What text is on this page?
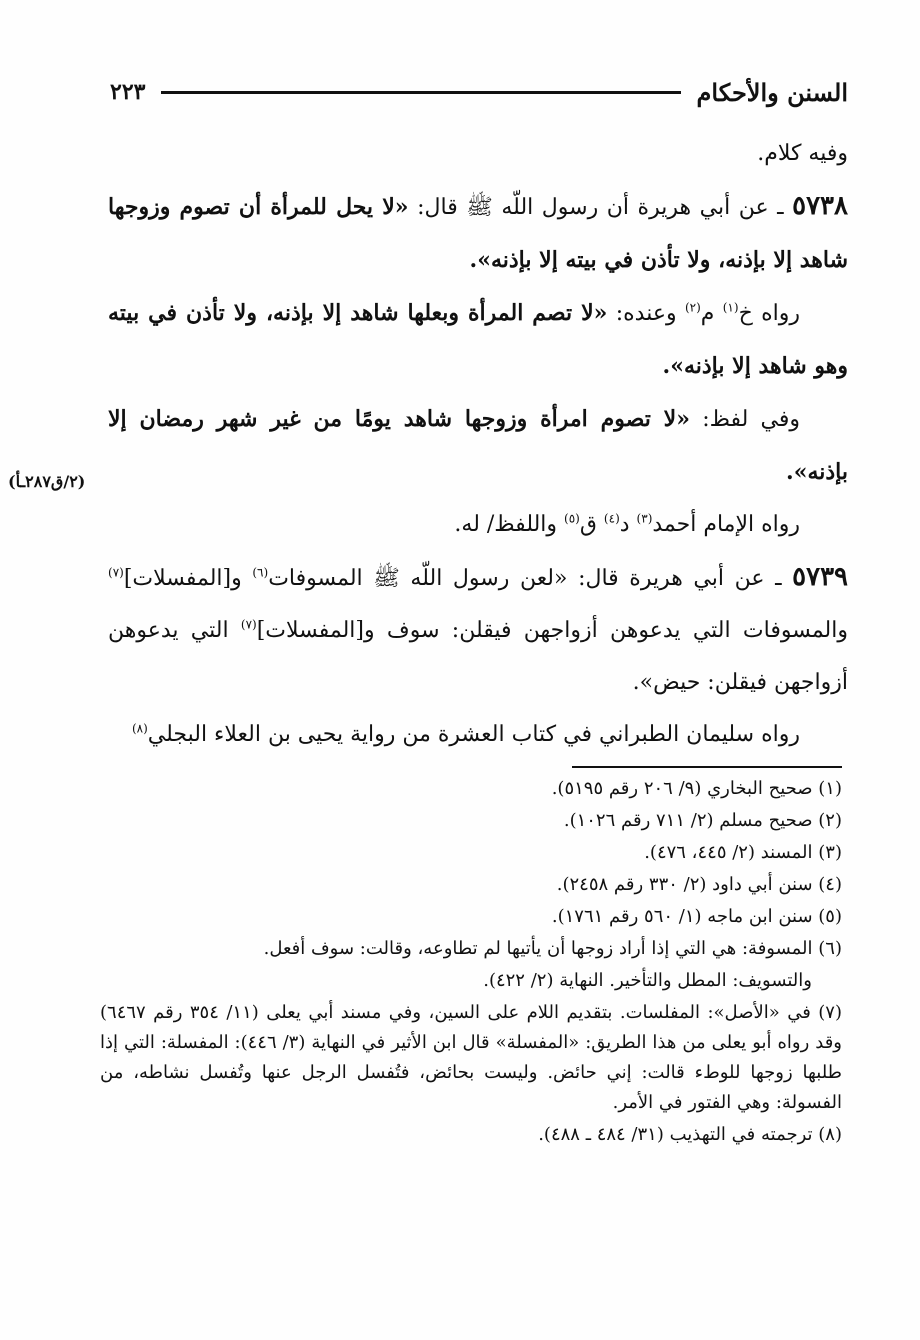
السنن والأحكام
٢٢٣
(٢/ق٢٨٧ـأ)

وفيه كلام.

٥٧٣٨ ـ عن أبي هريرة أن رسول اللّه ﷺ قال: «لا يحل للمرأة أن تصوم وزوجها شاهد إلا بإذنه، ولا تأذن في بيته إلا بإذنه».

رواه خ$^{(١)}$ م$^{(٢)}$ وعنده: «لا تصم المرأة وبعلها شاهد إلا بإذنه، ولا تأذن في بيته وهو شاهد إلا بإذنه».

وفي لفظ: «لا تصوم امرأة وزوجها شاهد يومًا من غير شهر رمضان إلا بإذنه».

رواه الإمام أحمد$^{(٣)}$ د$^{(٤)}$ ق$^{(٥)}$ واللفظ/ له.

٥٧٣٩ ـ عن أبي هريرة قال: «لعن رسول اللّه ﷺ المسوفات$^{(٦)}$ و[المفسلات]$^{(٧)}$ والمسوفات التي يدعوهن أزواجهن فيقلن: سوف و[المفسلات]$^{(٧)}$ التي يدعوهن أزواجهن فيقلن: حيض».

رواه سليمان الطبراني في كتاب العشرة من رواية يحيى بن العلاء البجلي$^{(٨)}$

(١) صحيح البخاري (٩/ ٢٠٦ رقم ٥١٩٥).

(٢) صحيح مسلم (٢/ ٧١١ رقم ١٠٢٦).

(٣) المسند (٢/ ٤٤٥، ٤٧٦).

(٤) سنن أبي داود (٢/ ٣٣٠ رقم ٢٤٥٨).

(٥) سنن ابن ماجه (١/ ٥٦٠ رقم ١٧٦١).

(٦) المسوفة: هي التي إذا أراد زوجها أن يأتيها لم تطاوعه، وقالت: سوف أفعل.

والتسويف: المطل والتأخير. النهاية (٢/ ٤٢٢).

(٧) في «الأصل»: المفلسات. بتقديم اللام على السين، وفي مسند أبي يعلى (١١/ ٣٥٤ رقم ٦٤٦٧) وقد رواه أبو يعلى من هذا الطريق: «المفسلة» قال ابن الأثير في النهاية (٣/ ٤٤٦): المفسلة: التي إذا طلبها زوجها للوطء قالت: إني حائض. وليست بحائض، فتُفسل الرجل عنها وتُفسل نشاطه، من الفسولة: وهي الفتور في الأمر.

(٨) ترجمته في التهذيب (٣١/ ٤٨٤ ـ ٤٨٨).
